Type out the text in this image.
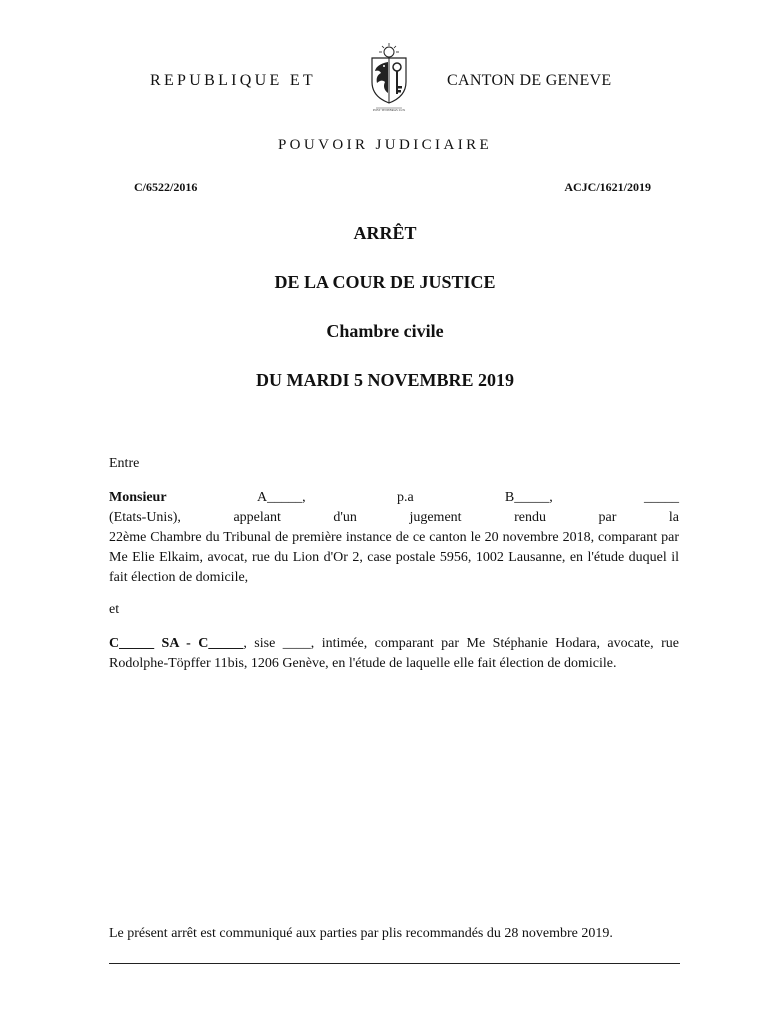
REPUBLIQUE ET
POST TENEBRAS LUX
CANTON DE GENEVE
POUVOIR JUDICIAIRE
C/6522/2016	ACJC/1621/2019
ARRÊT
DE LA COUR DE JUSTICE
Chambre civile
DU MARDI 5 NOVEMBRE 2019
Entre
Monsieur	A_____,	p.a	B_____,	_____
(Etats-Unis), appelant d'un jugement rendu par la
22ème Chambre du Tribunal de première instance de ce canton le 20 novembre 2018, comparant par Me Elie Elkaim, avocat, rue du Lion d'Or 2, case postale 5956, 1002 Lausanne, en l'étude duquel il fait élection de domicile,
et
C_____ SA - C_____, sise ____, intimée, comparant par Me Stéphanie Hodara, avocate, rue Rodolphe-Töpffer 11bis, 1206 Genève, en l'étude de laquelle elle fait élection de domicile.
Le présent arrêt est communiqué aux parties par plis recommandés du 28 novembre 2019.
